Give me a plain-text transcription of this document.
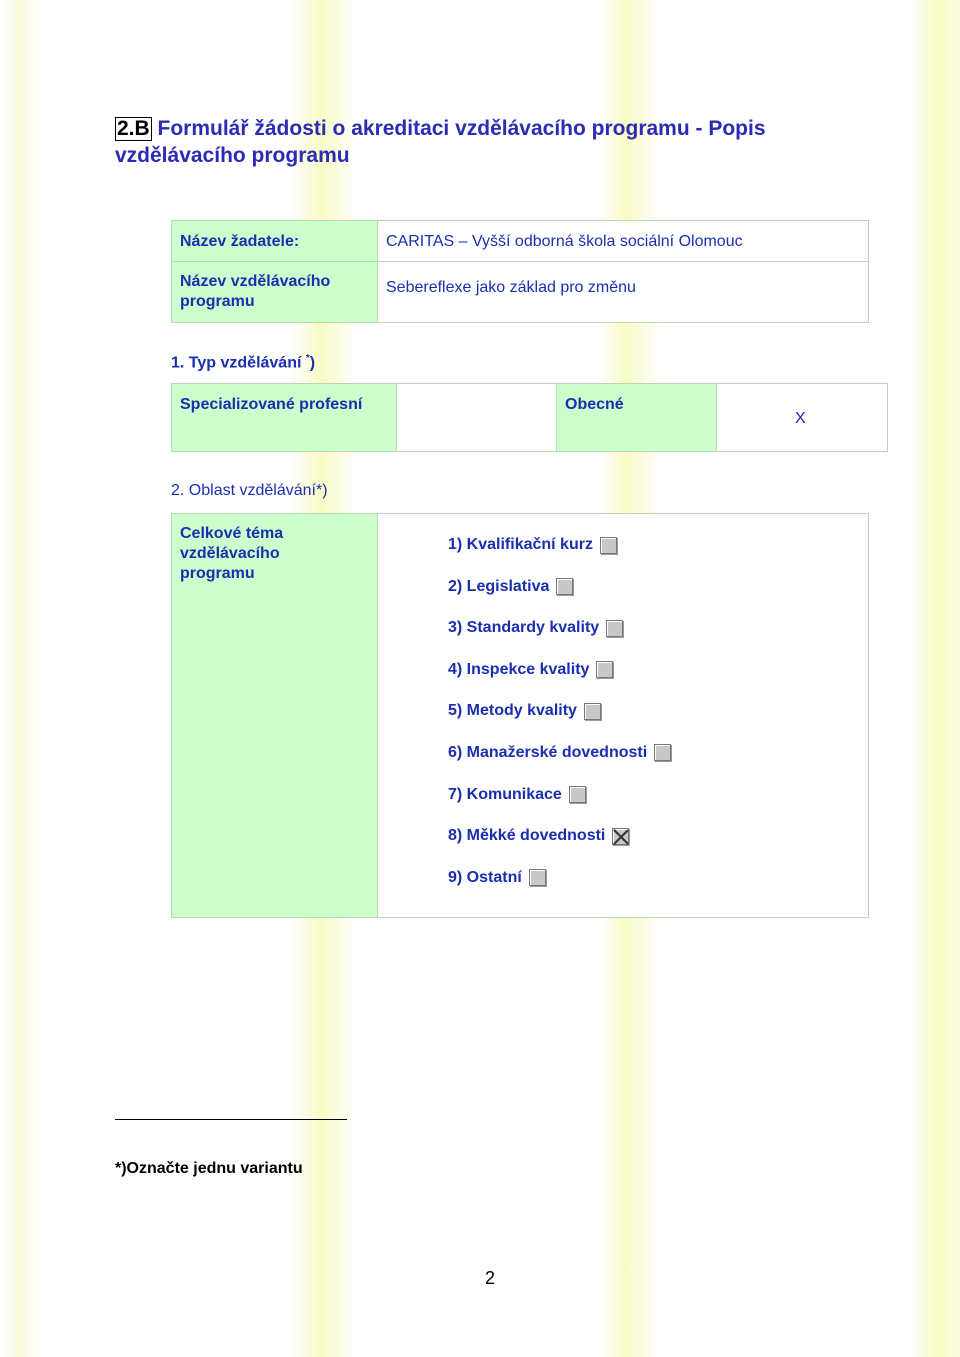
2.B Formulář žádosti o akreditaci vzdělávacího programu - Popis vzdělávacího programu
Název žadatele:	CARITAS – Vyšší odborná škola sociální Olomouc
Název vzdělávacího programu
Sebereflexe jako základ pro změnu
1. Typ vzdělávání *)
Specializované profesní	Obecné
X
2. Oblast vzdělávání*)
Celkové téma vzdělávacího programu
1) Kvalifikační kurz
2) Legislativa
3) Standardy kvality
4) Inspekce kvality
5) Metody kvality
6) Manažerské dovednosti
7) Komunikace
8) Měkké dovednosti
9) Ostatní
*)Označte jednu variantu
2
